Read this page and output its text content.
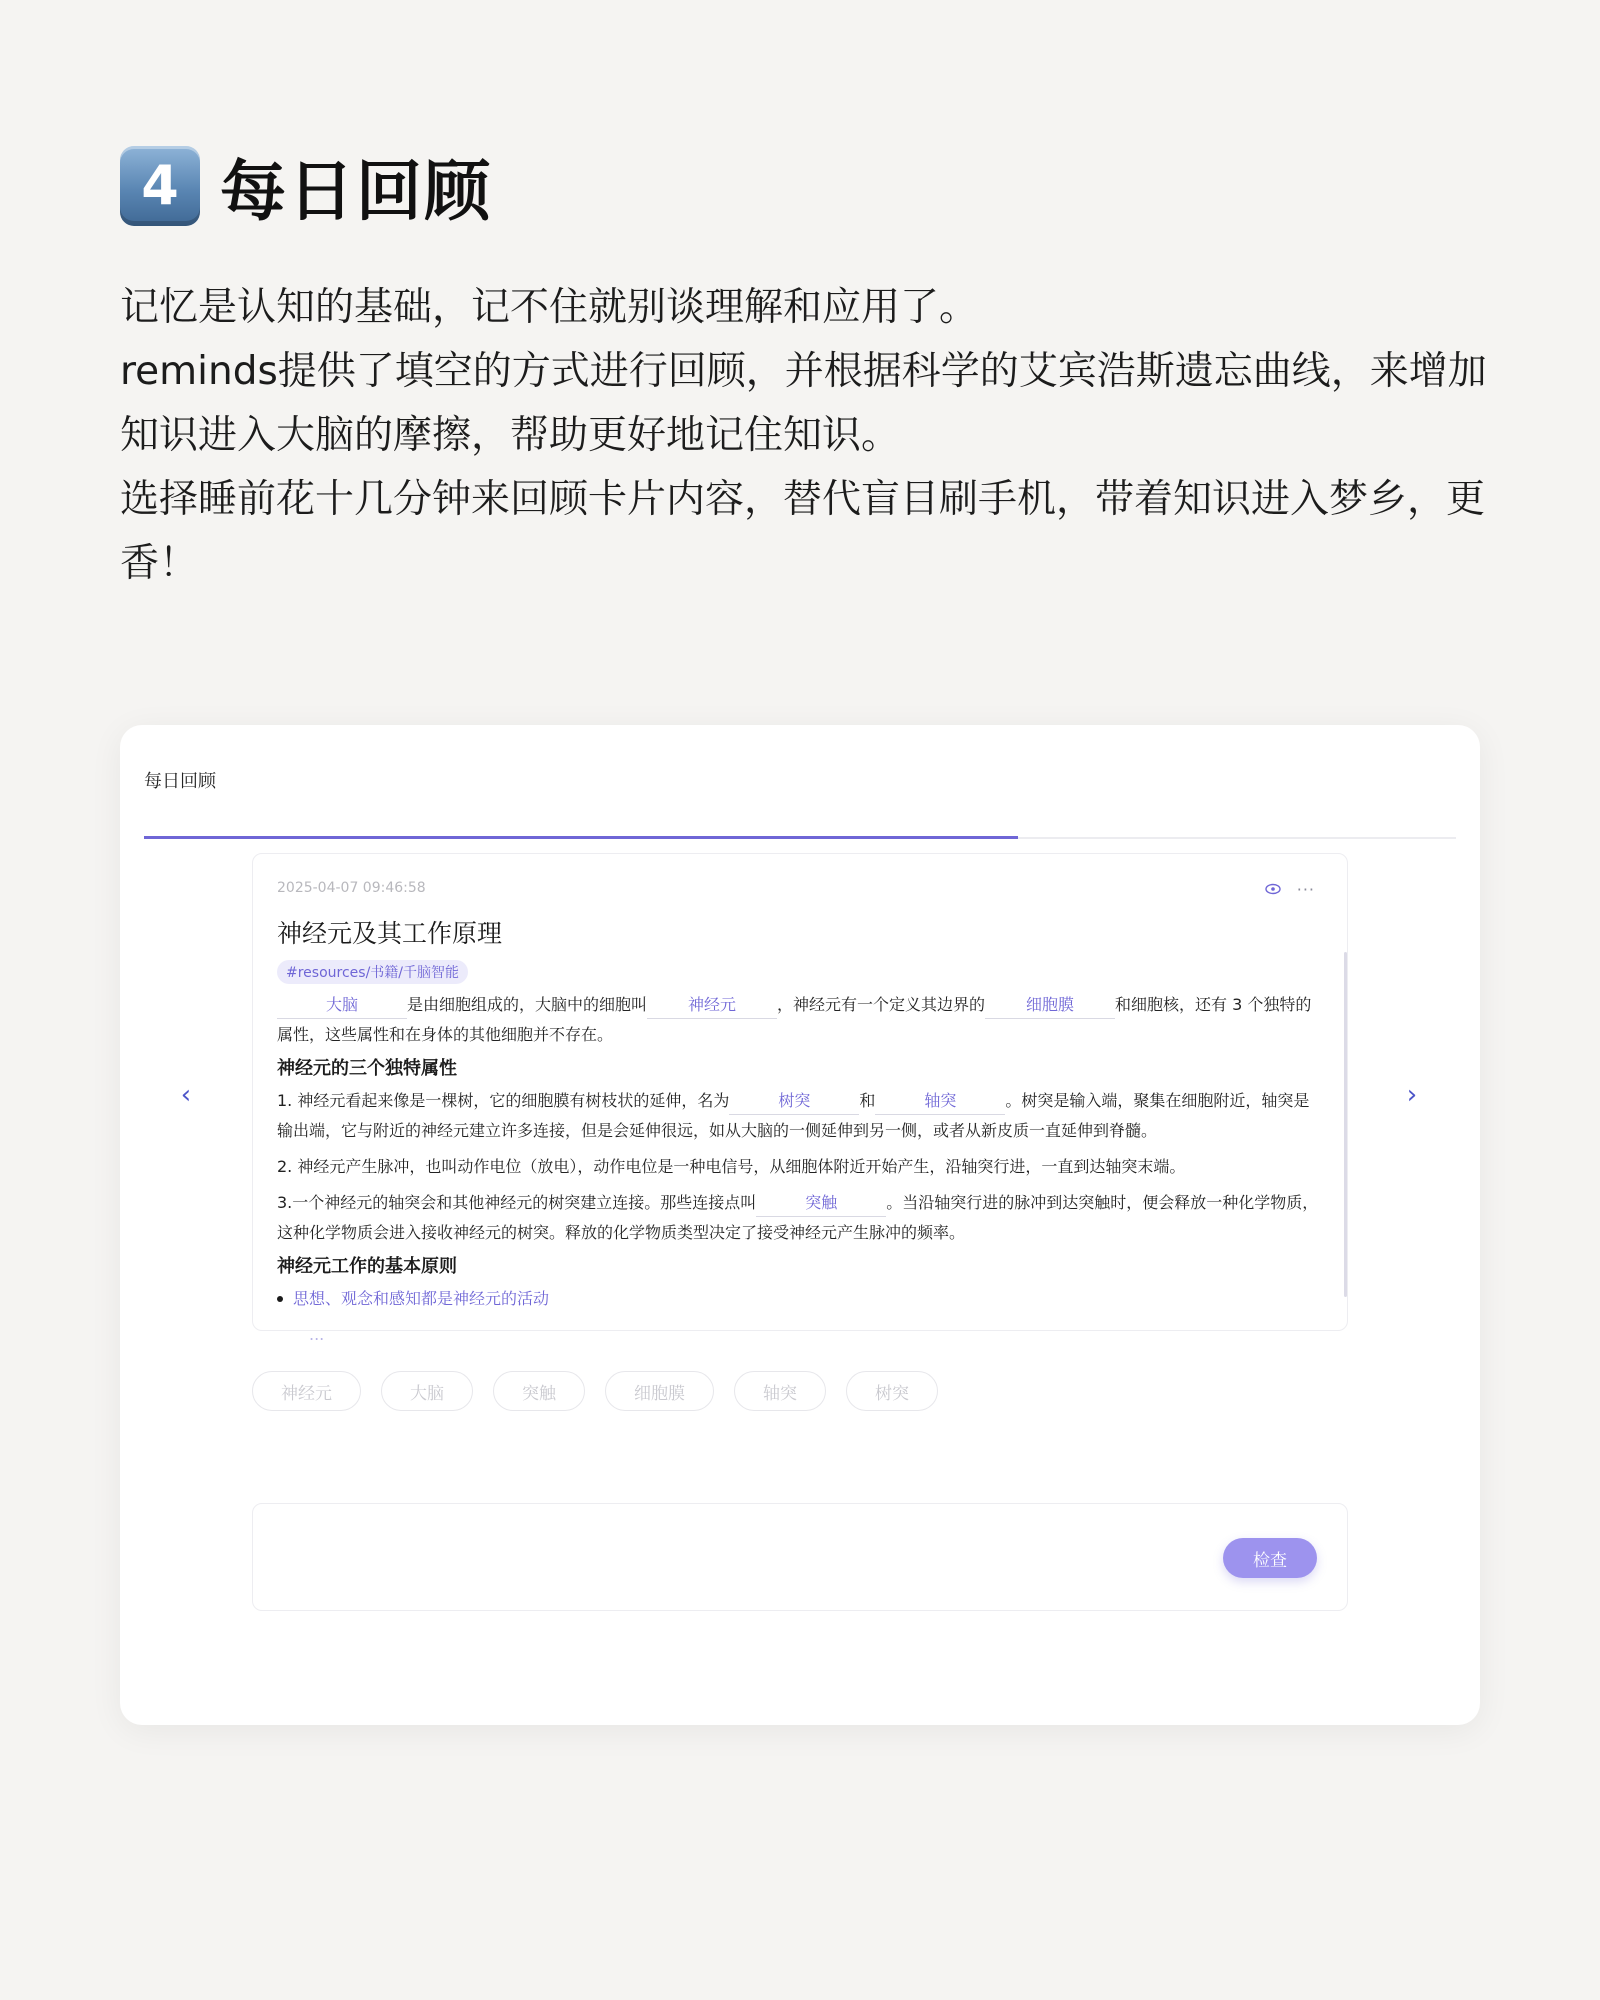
4 每日回顾

记忆是认知的基础，记不住就别谈理解和应用了。

reminds提供了填空的方式进行回顾，并根据科学的艾宾浩斯遗忘曲线，来增加知识进入大脑的摩擦，帮助更好地记住知识。

选择睡前花十几分钟来回顾卡片内容，替代盲目刷手机，带着知识进入梦乡，更香！

每日回顾
‹	›
2025-04-07 09:46:58	···
神经元及其工作原理
#resources/书籍/千脑智能
大脑	是由细胞组成的，大脑中的细胞叫	神经元	，神经元有一个定义其边界的	细胞膜	和细胞核，还有 3 个独特的属性，这些属性和在身体的其他细胞并不存在。
神经元的三个独特属性
1. 神经元看起来像是一棵树，它的细胞膜有树枝状的延伸，名为	树突	和	轴突	。树突是输入端，聚集在细胞附近，轴突是输出端，它与附近的神经元建立许多连接，但是会延伸很远，如从大脑的一侧延伸到另一侧，或者从新皮质一直延伸到脊髓。
2. 神经元产生脉冲，也叫动作电位（放电），动作电位是一种电信号，从细胞体附近开始产生，沿轴突行进，一直到达轴突末端。
3.一个神经元的轴突会和其他神经元的树突建立连接。那些连接点叫	突触	。当沿轴突行进的脉冲到达突触时，便会释放一种化学物质，这种化学物质会进入接收神经元的树突。释放的化学物质类型决定了接受神经元产生脉冲的频率。
神经元工作的基本原则
思想、观念和感知都是神经元的活动
...
神经元	大脑	突触	细胞膜	轴突	树突
检查
